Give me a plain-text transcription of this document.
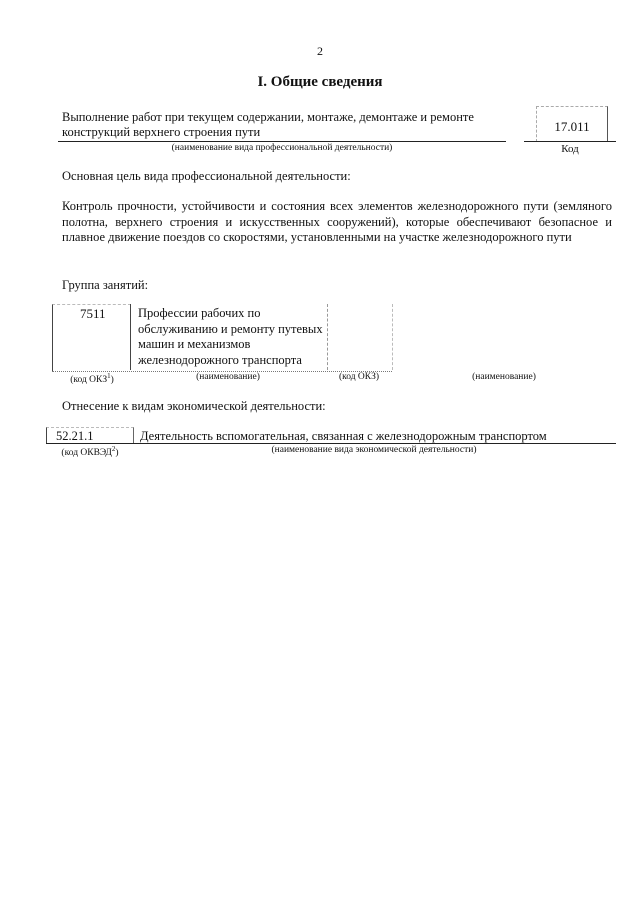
2
I. Общие сведения
Выполнение работ при текущем содержании, монтаже, демонтаже и ремонте конструкций верхнего строения пути
(наименование вида профессиональной деятельности)
17.011
Код
Основная цель вида профессиональной деятельности:
Контроль прочности, устойчивости и состояния всех элементов железнодорожного пути (земляного полотна, верхнего строения и искусственных сооружений), которые обеспечивают безопасное и плавное движение поездов со скоростями, установленными на участке железнодорожного пути
Группа занятий:
7511	Профессии рабочих по обслуживанию и ремонту путевых машин и механизмов железнодорожного транспорта
(код ОКЗ$^1$)	(наименование)	(код ОКЗ)	(наименование)
Отнесение к видам экономической деятельности:
52.21.1	Деятельность вспомогательная, связанная с железнодорожным транспортом
(код ОКВЭД$^2$)	(наименование вида экономической деятельности)
